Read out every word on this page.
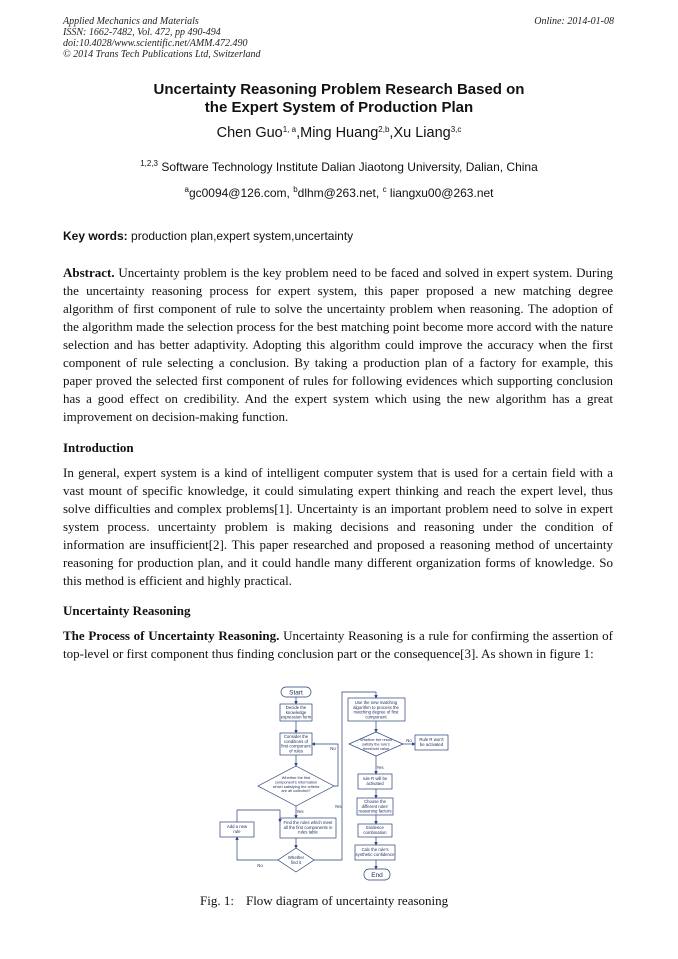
Applied Mechanics and Materials
ISSN: 1662-7482, Vol. 472, pp 490-494
doi:10.4028/www.scientific.net/AMM.472.490
© 2014 Trans Tech Publications Ltd, Switzerland
Online: 2014-01-08
Uncertainty Reasoning Problem Research Based on
the Expert System of Production Plan
Chen Guo$^{1, a}$,Ming Huang$^{2,b}$,Xu Liang$^{3,c}$
$^{1,2,3}$ Software Technology Institute Dalian Jiaotong University, Dalian, China
$^a$gc0094@126.com, $^b$dlhm@263.net, $^c$ liangxu00@263.net
Key words: production plan,expert system,uncertainty
Abstract. Uncertainty problem is the key problem need to be faced and solved in expert system. During the uncertainty reasoning process for expert system, this paper proposed a new matching degree algorithm of first component of rule to solve the uncertainty problem when reasoning. The adoption of the algorithm made the selection process for the best matching point become more accord with the nature selection and has better adaptivity. Adopting this algorithm could improve the accuracy when the first component of rule selecting a conclusion. By taking a production plan of a factory for example, this paper proved the selected first component of rules for following evidences which supporting conclusion has a good effect on credibility. And the expert system which using the new algorithm has a great improvement on decision-making function.
Introduction
In general, expert system is a kind of intelligent computer system that is used for a certain field with a vast mount of specific knowledge, it could simulating expert thinking and reach the expert level, thus solve difficulties and complex problems[1]. Uncertainty is an important problem need to solve in expert system process. uncertainty problem is making decisions and reasoning under the condition of information are insufficient[2]. This paper researched and proposed a reasoning method of uncertainty reasoning for production plan, and it could handle many different organization forms of knowledge. So this method is efficient and highly practical.
Uncertainty Reasoning
The Process of Uncertainty Reasoning. Uncertainty Reasoning is a rule for confirming the assertion of top-level or first component thus finding conclusion part or the consequence[3]. As shown in figure 1:
Start
Decide the knowledge expression form
Consider the conditions of first component of rules
Whether the first component's information which satisfying the criteria are all collected?
Find the rules which meet all the first components in rules table
Add a new rule
Whether find it
Use the new matching algorithm to process the matching degree of first component
Whether the result satisfy the rule's threshold value
Rule R won't be activated
rule R will be activated
Choose the different rules' reasoning factors
Evidence combination
Calc the rule's synthetic confidence
End
No
Yes
No
Yes
Yes
No
Fig. 1: Flow diagram of uncertainty reasoning
